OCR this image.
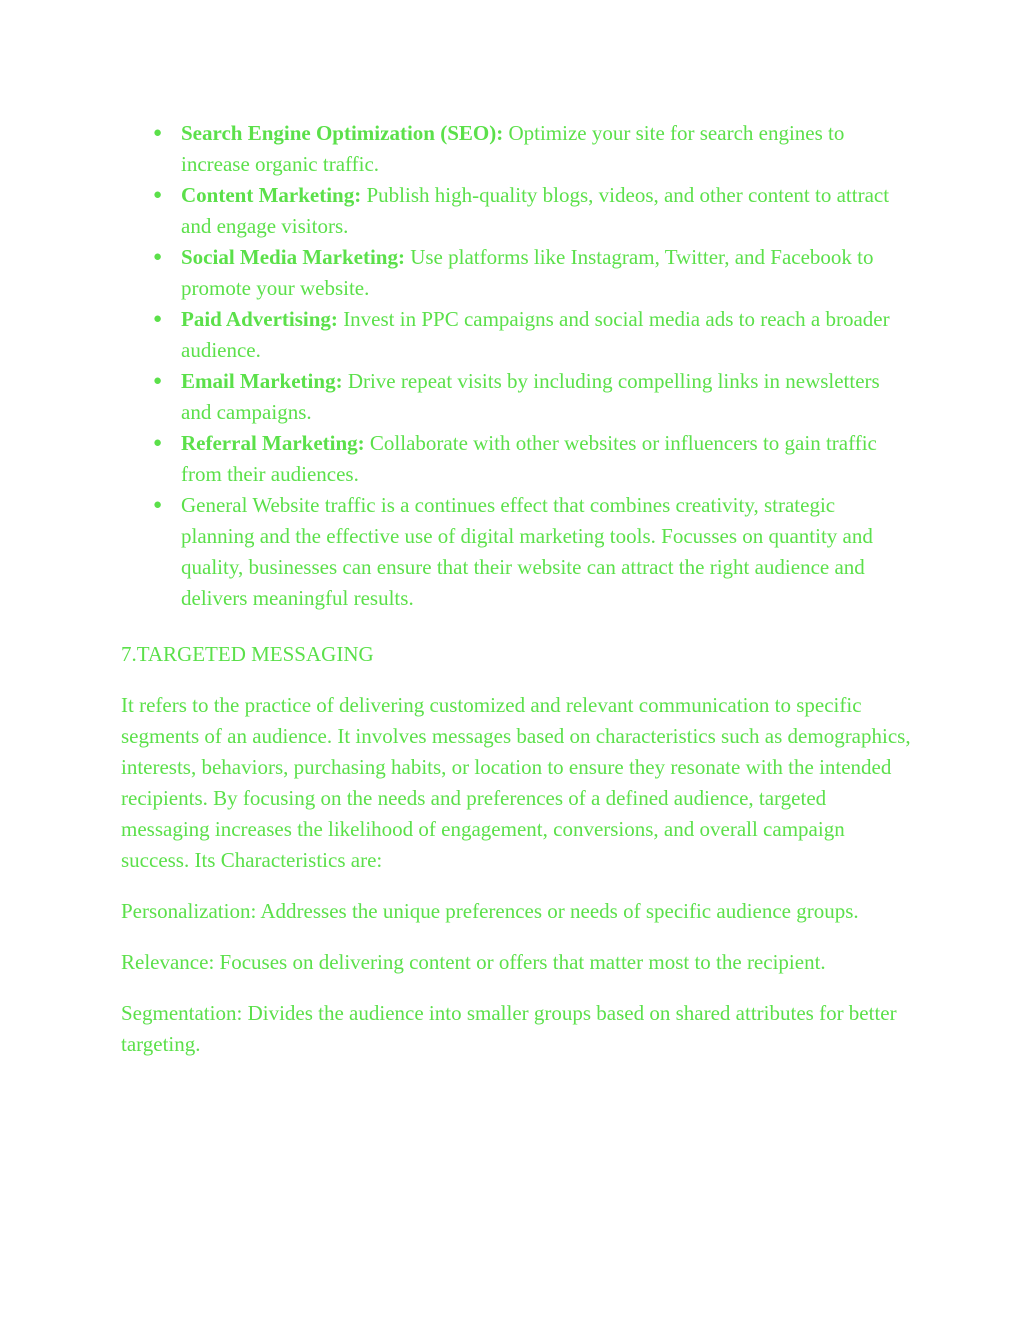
● Search Engine Optimization (SEO): Optimize your site for search engines to increase organic traffic.
● Content Marketing: Publish high-quality blogs, videos, and other content to attract and engage visitors.
● Social Media Marketing: Use platforms like Instagram, Twitter, and Facebook to promote your website.
● Paid Advertising: Invest in PPC campaigns and social media ads to reach a broader audience.
● Email Marketing: Drive repeat visits by including compelling links in newsletters and campaigns.
● Referral Marketing: Collaborate with other websites or influencers to gain traffic from their audiences.
● General Website traffic is a continues effect that combines creativity, strategic planning and the effective use of digital marketing tools. Focusses on quantity and quality, businesses can ensure that their website can attract the right audience and delivers meaningful results.

7.TARGETED MESSAGING

It refers to the practice of delivering customized and relevant communication to specific segments of an audience. It involves messages based on characteristics such as demographics, interests, behaviors, purchasing habits, or location to ensure they resonate with the intended recipients. By focusing on the needs and preferences of a defined audience, targeted messaging increases the likelihood of engagement, conversions, and overall campaign success. Its Characteristics are:

Personalization: Addresses the unique preferences or needs of specific audience groups.

Relevance: Focuses on delivering content or offers that matter most to the recipient.

Segmentation: Divides the audience into smaller groups based on shared attributes for better targeting.
